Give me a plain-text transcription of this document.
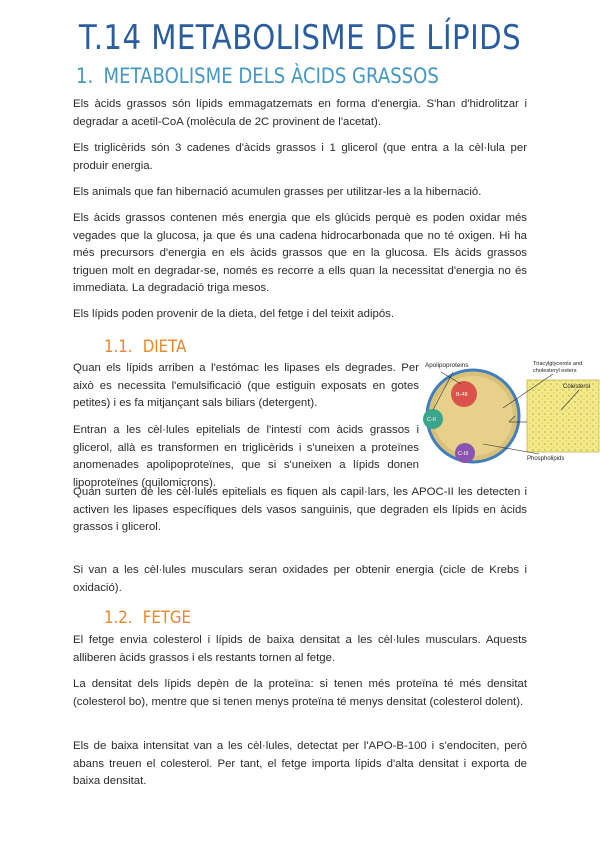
T.14 METABOLISME DE LÍPIDS
1. METABOLISME DELS ÀCIDS GRASSOS

Els àcids grassos són lípids emmagatzemats en forma d'energia. S'han d'hidrolitzar i degradar a acetil-CoA (molècula de 2C provinent de l'acetat).

Els triglicèrids són 3 cadenes d'àcids grassos i 1 glicerol (que entra a la cèl·lula per produir energia.

Els animals que fan hibernació acumulen grasses per utilitzar-les a la hibernació.

Els àcids grassos contenen més energia que els glúcids perquè es poden oxidar més vegades que la glucosa, ja que és una cadena hidrocarbonada que no té oxigen. Hi ha més precursors d'energia en els àcids grassos que en la glucosa. Els àcids grassos triguen molt en degradar-se, només es recorre a ells quan la necessitat d'energia no és immediata. La degradació triga mesos.

Els lípids poden provenir de la dieta, del fetge i del teixit adipós.

1.1. DIETA

Quan els lípids arriben a l'estómac les lipases els degrades. Per això es necessita l'emulsificació (que estiguin exposats en gotes petites) i es fa mitjançant sals biliars (detergent).

Entran a les cèl·lules epitelials de l'intestí com àcids grassos i glicerol, allà es transformen en triglicèrids i s'uneixen a proteïnes anomenades apolipoproteïnes, que si s'uneixen a lípids donen lipoproteïnes (quilomicrons).

Apolipoproteins	Triacylglycerols and
cholesteryl esters
Colesterol
Phospholipids
B-48
C-II
C-III

Quan surten de les cèl·lules epitelials es fiquen als capil·lars, les APOC-II les detecten i activen les lipases específiques dels vasos sanguinis, que degraden els lípids en àcids grassos i glicerol.

Si van a les cèl·lules musculars seran oxidades per obtenir energia (cicle de Krebs i oxidació).

1.2. FETGE

El fetge envia colesterol i lípids de baixa densitat a les cèl·lules musculars. Aquests alliberen àcids grassos i els restants tornen al fetge.

La densitat dels lípids depèn de la proteïna: si tenen més proteïna té més densitat (colesterol bo), mentre que si tenen menys proteïna té menys densitat (colesterol dolent).

Els de baixa intensitat van a les cèl·lules, detectat per l'APO-B-100 i s'endociten, però abans treuen el colesterol. Per tant, el fetge importa lípids d'alta densitat i exporta de baixa densitat.
